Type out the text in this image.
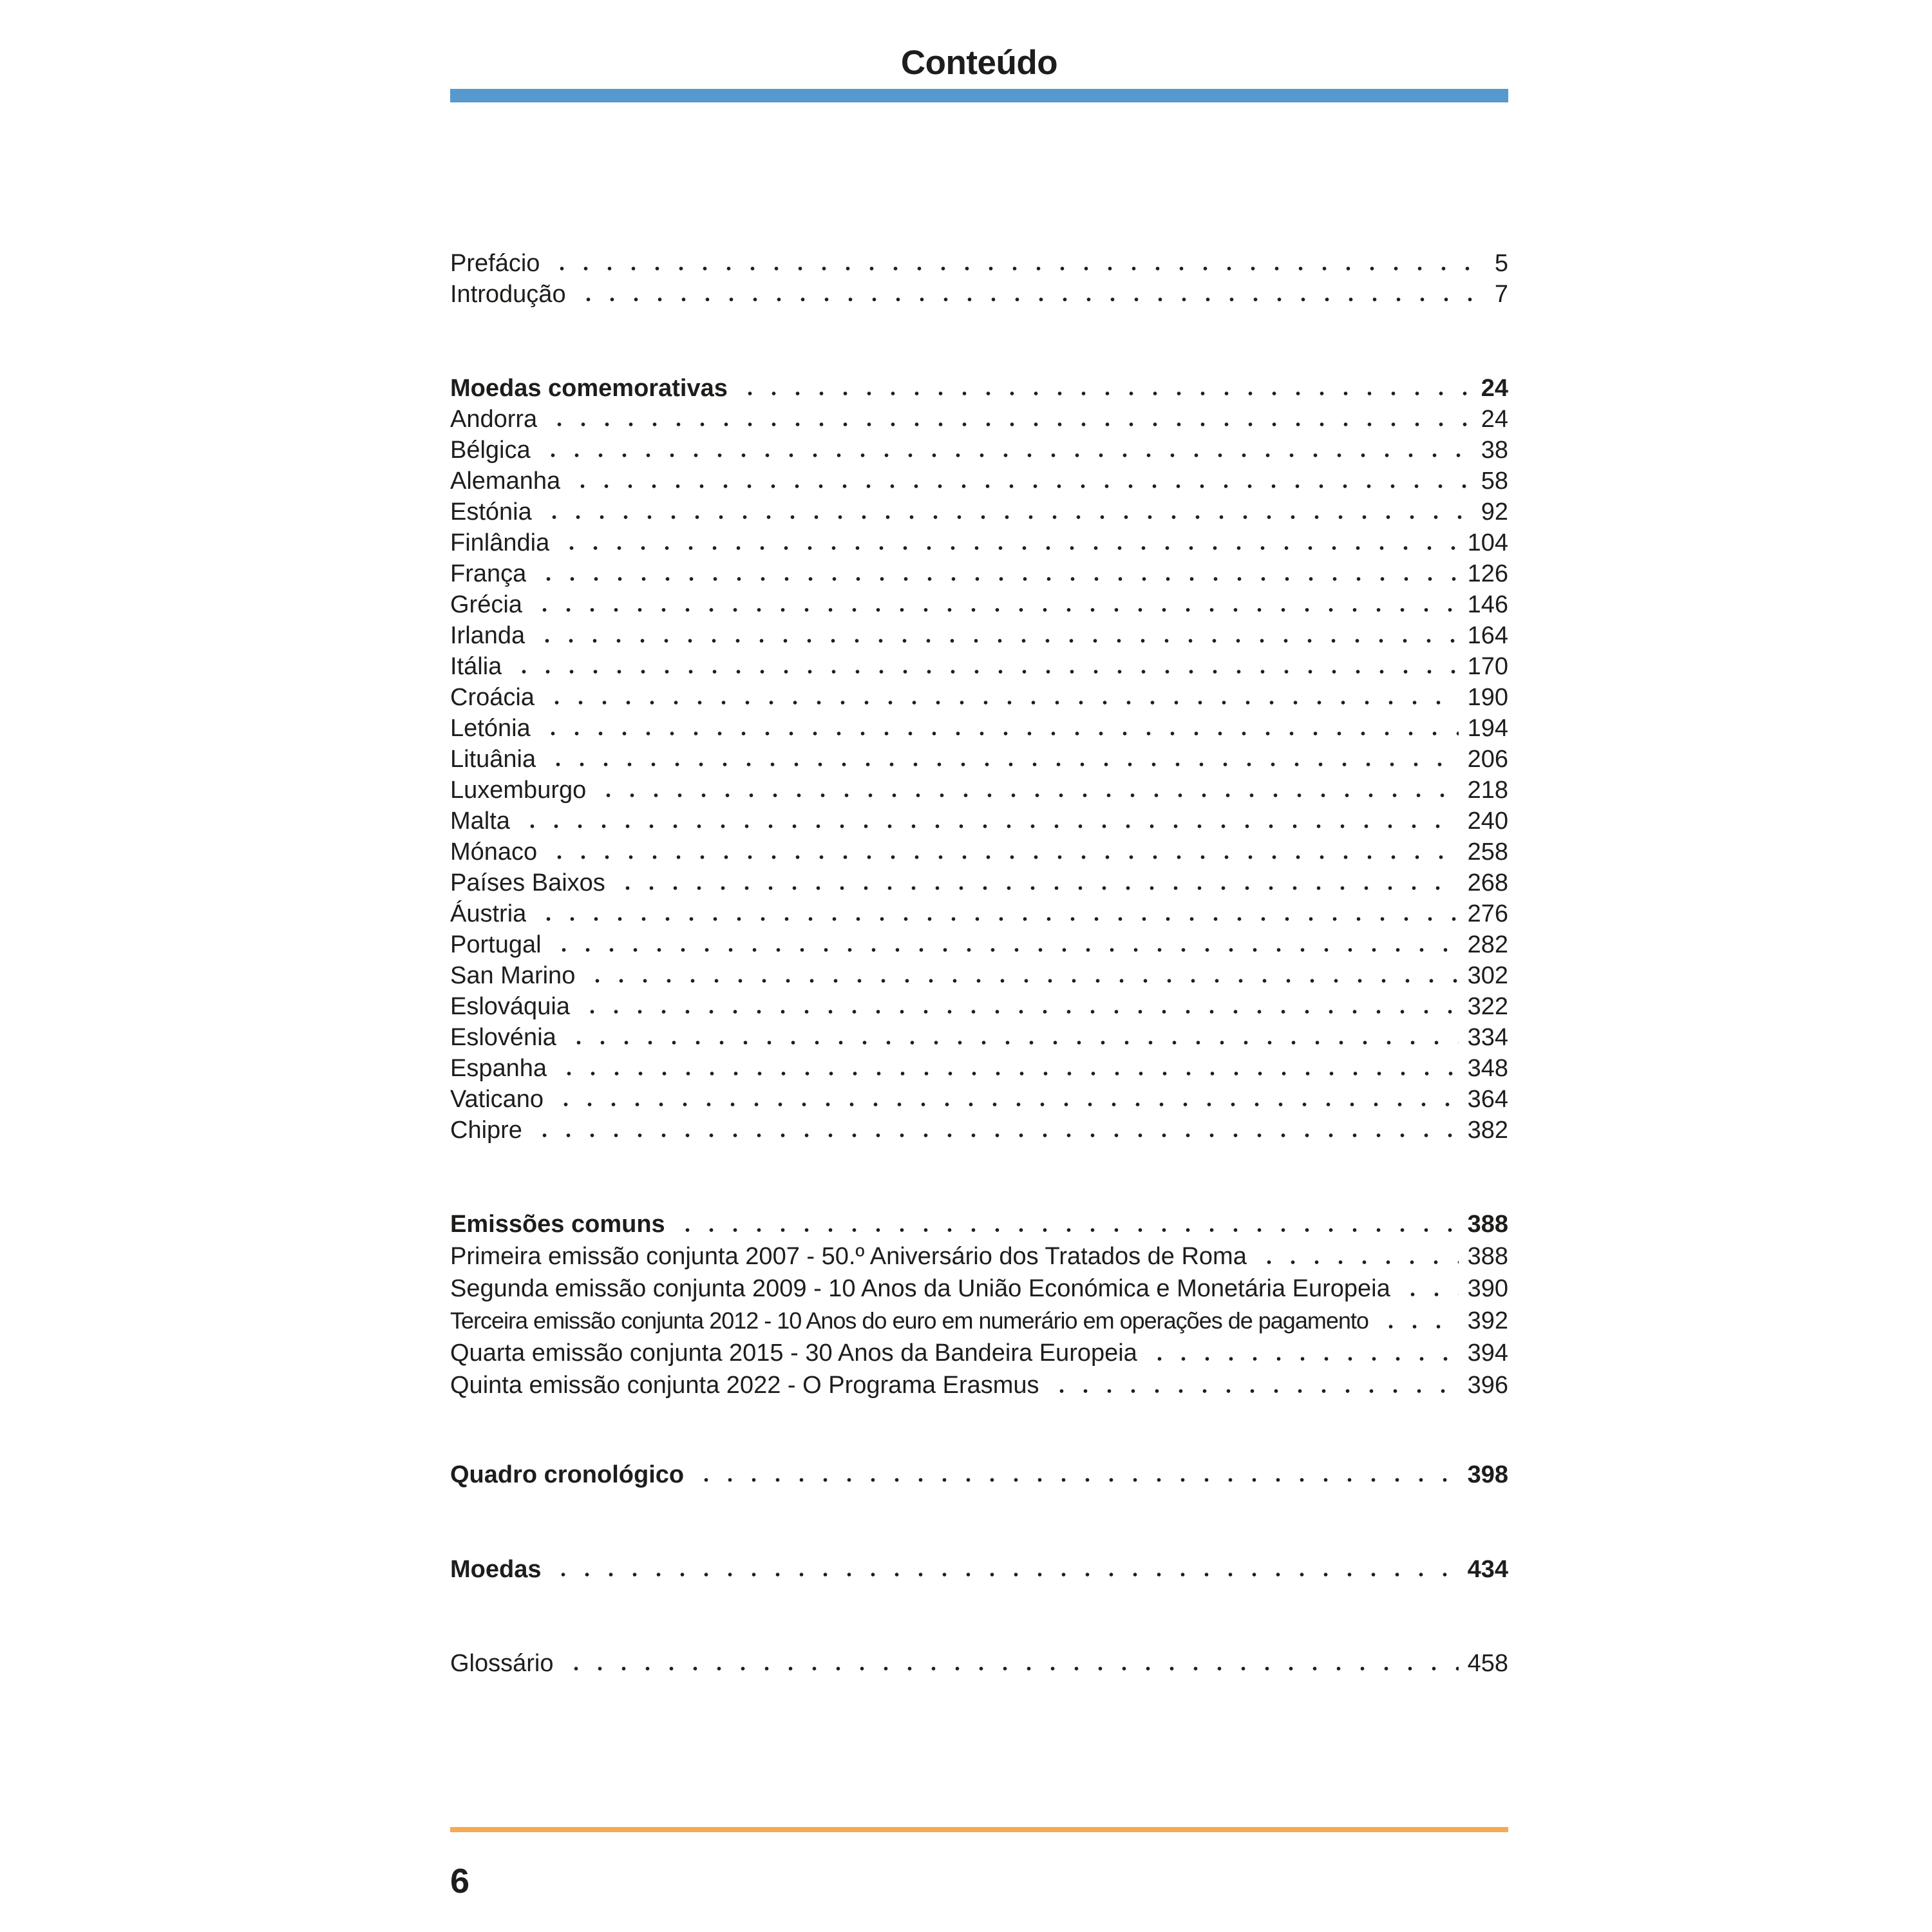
Conteúdo
Prefácio	5
Introdução	7
Moedas comemorativas	24
Andorra	24
Bélgica	38
Alemanha	58
Estónia	92
Finlândia	104
França	126
Grécia	146
Irlanda	164
Itália	170
Croácia	190
Letónia	194
Lituânia	206
Luxemburgo	218
Malta	240
Mónaco	258
Países Baixos	268
Áustria	276
Portugal	282
San Marino	302
Eslováquia	322
Eslovénia	334
Espanha	348
Vaticano	364
Chipre	382
Emissões comuns	388
Primeira emissão conjunta 2007 - 50.º Aniversário dos Tratados de Roma	388
Segunda emissão conjunta 2009 - 10 Anos da União Económica e Monetária Europeia	390
Terceira emissão conjunta 2012 - 10 Anos do euro em numerário em operações de pagamento	392
Quarta emissão conjunta 2015 - 30 Anos da Bandeira Europeia	394
Quinta emissão conjunta 2022 - O Programa Erasmus	396
Quadro cronológico	398
Moedas	434
Glossário	458
6
